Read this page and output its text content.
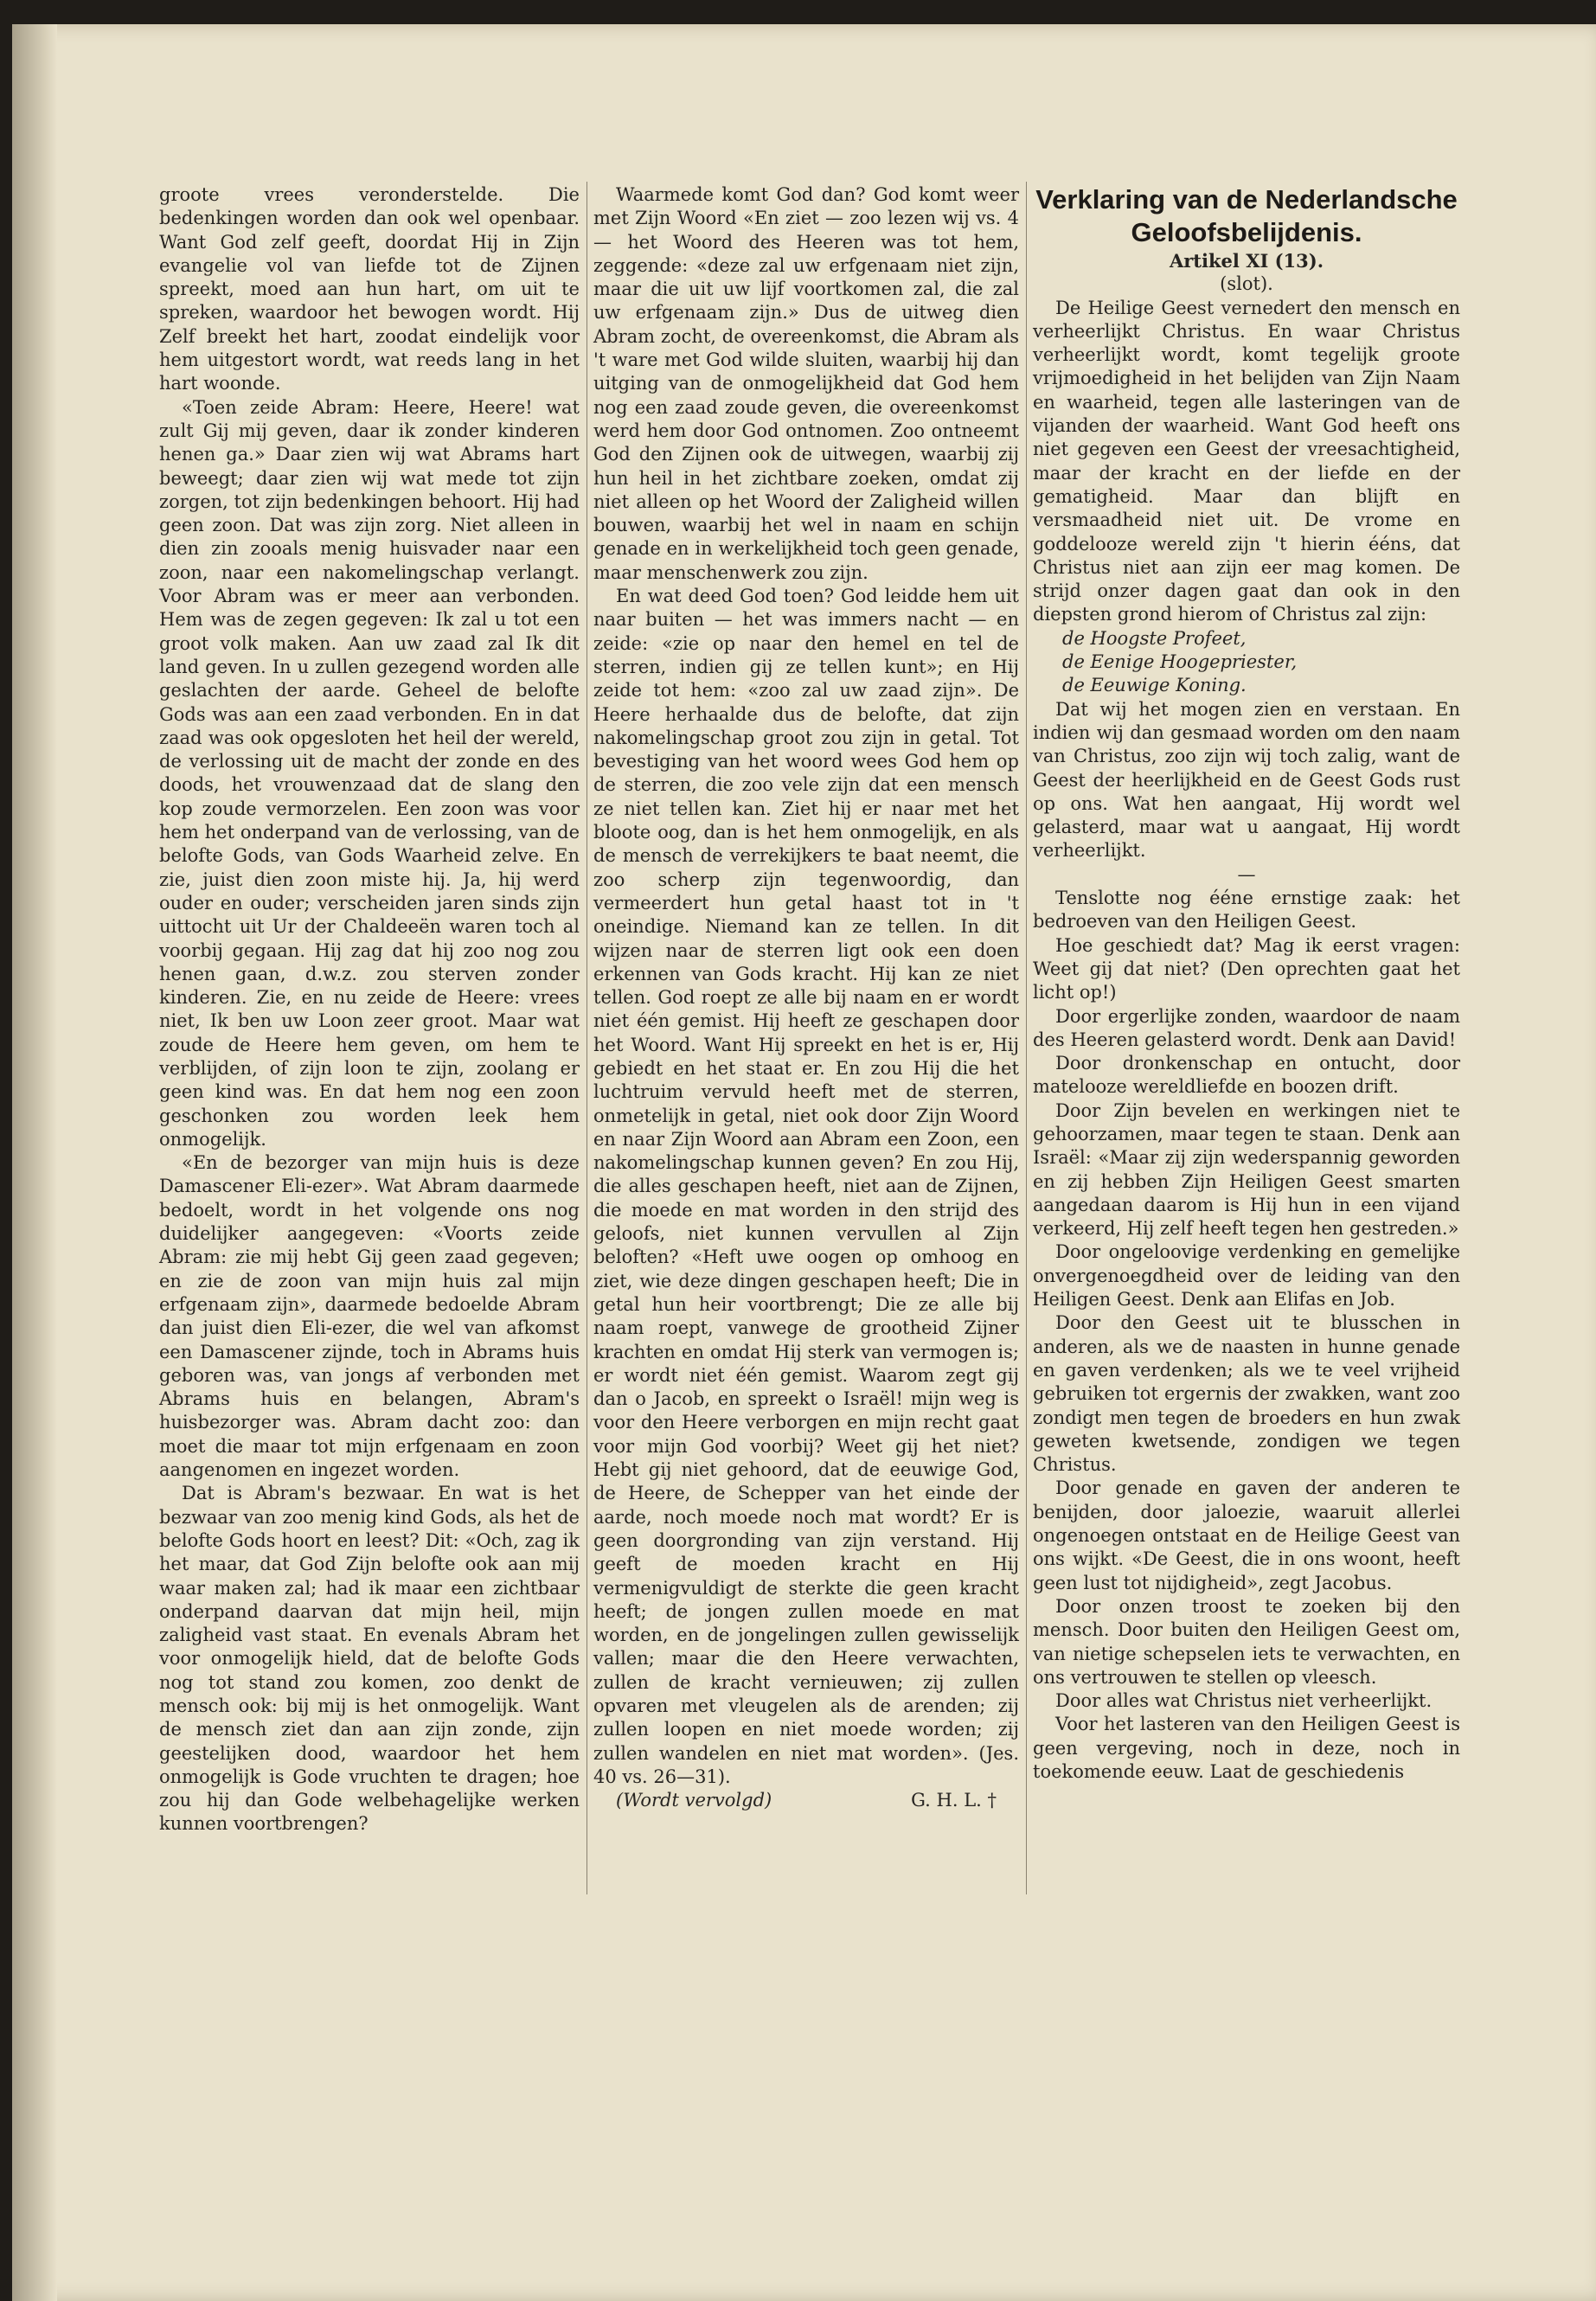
groote vrees veronderstelde. Die bedenkingen worden dan ook wel openbaar. Want God zelf geeft, doordat Hij in Zijn evangelie vol van liefde tot de Zijnen spreekt, moed aan hun hart, om uit te spreken, waardoor het bewogen wordt. Hij Zelf breekt het hart, zoodat eindelijk voor hem uitgestort wordt, wat reeds lang in het hart woonde.

«Toen zeide Abram: Heere, Heere! wat zult Gij mij geven, daar ik zonder kinderen henen ga.» Daar zien wij wat Abrams hart beweegt; daar zien wij wat mede tot zijn zorgen, tot zijn bedenkingen behoort. Hij had geen zoon. Dat was zijn zorg. Niet alleen in dien zin zooals menig huisvader naar een zoon, naar een nakomelingschap verlangt. Voor Abram was er meer aan verbonden. Hem was de zegen gegeven: Ik zal u tot een groot volk maken. Aan uw zaad zal Ik dit land geven. In u zullen gezegend worden alle geslachten der aarde. Geheel de belofte Gods was aan een zaad verbonden. En in dat zaad was ook opgesloten het heil der wereld, de verlossing uit de macht der zonde en des doods, het vrouwenzaad dat de slang den kop zoude vermorzelen. Een zoon was voor hem het onderpand van de verlossing, van de belofte Gods, van Gods Waarheid zelve. En zie, juist dien zoon miste hij. Ja, hij werd ouder en ouder; verscheiden jaren sinds zijn uittocht uit Ur der Chaldeeën waren toch al voorbij gegaan. Hij zag dat hij zoo nog zou henen gaan, d.w.z. zou sterven zonder kinderen. Zie, en nu zeide de Heere: vrees niet, Ik ben uw Loon zeer groot. Maar wat zoude de Heere hem geven, om hem te verblijden, of zijn loon te zijn, zoolang er geen kind was. En dat hem nog een zoon geschonken zou worden leek hem onmogelijk.

«En de bezorger van mijn huis is deze Damascener Eli-ezer». Wat Abram daarmede bedoelt, wordt in het volgende ons nog duidelijker aangegeven: «Voorts zeide Abram: zie mij hebt Gij geen zaad gegeven; en zie de zoon van mijn huis zal mijn erfgenaam zijn», daarmede bedoelde Abram dan juist dien Eli-ezer, die wel van afkomst een Damascener zijnde, toch in Abrams huis geboren was, van jongs af verbonden met Abrams huis en belangen, Abram's huisbezorger was. Abram dacht zoo: dan moet die maar tot mijn erfgenaam en zoon aangenomen en ingezet worden.

Dat is Abram's bezwaar. En wat is het bezwaar van zoo menig kind Gods, als het de belofte Gods hoort en leest? Dit: «Och, zag ik het maar, dat God Zijn belofte ook aan mij waar maken zal; had ik maar een zichtbaar onderpand daarvan dat mijn heil, mijn zaligheid vast staat. En evenals Abram het voor onmogelijk hield, dat de belofte Gods nog tot stand zou komen, zoo denkt de mensch ook: bij mij is het onmogelijk. Want de mensch ziet dan aan zijn zonde, zijn geestelijken dood, waardoor het hem onmogelijk is Gode vruchten te dragen; hoe zou hij dan Gode welbehagelijke werken kunnen voortbrengen?

Waarmede komt God dan? God komt weer met Zijn Woord «En ziet — zoo lezen wij vs. 4 — het Woord des Heeren was tot hem, zeggende: «deze zal uw erfgenaam niet zijn, maar die uit uw lijf voortkomen zal, die zal uw erfgenaam zijn.» Dus de uitweg dien Abram zocht, de overeenkomst, die Abram als 't ware met God wilde sluiten, waarbij hij dan uitging van de onmogelijkheid dat God hem nog een zaad zoude geven, die overeenkomst werd hem door God ontnomen. Zoo ontneemt God den Zijnen ook de uitwegen, waarbij zij hun heil in het zichtbare zoeken, omdat zij niet alleen op het Woord der Zaligheid willen bouwen, waarbij het wel in naam en schijn genade en in werkelijkheid toch geen genade, maar menschenwerk zou zijn.

En wat deed God toen? God leidde hem uit naar buiten — het was immers nacht — en zeide: «zie op naar den hemel en tel de sterren, indien gij ze tellen kunt»; en Hij zeide tot hem: «zoo zal uw zaad zijn». De Heere herhaalde dus de belofte, dat zijn nakomelingschap groot zou zijn in getal. Tot bevestiging van het woord wees God hem op de sterren, die zoo vele zijn dat een mensch ze niet tellen kan. Ziet hij er naar met het bloote oog, dan is het hem onmogelijk, en als de mensch de verrekijkers te baat neemt, die zoo scherp zijn tegenwoordig, dan vermeerdert hun getal haast tot in 't oneindige. Niemand kan ze tellen. In dit wijzen naar de sterren ligt ook een doen erkennen van Gods kracht. Hij kan ze niet tellen. God roept ze alle bij naam en er wordt niet één gemist. Hij heeft ze geschapen door het Woord. Want Hij spreekt en het is er, Hij gebiedt en het staat er. En zou Hij die het luchtruim vervuld heeft met de sterren, onmetelijk in getal, niet ook door Zijn Woord en naar Zijn Woord aan Abram een Zoon, een nakomelingschap kunnen geven? En zou Hij, die alles geschapen heeft, niet aan de Zijnen, die moede en mat worden in den strijd des geloofs, niet kunnen vervullen al Zijn beloften? «Heft uwe oogen op omhoog en ziet, wie deze dingen geschapen heeft; Die in getal hun heir voortbrengt; Die ze alle bij naam roept, vanwege de grootheid Zijner krachten en omdat Hij sterk van vermogen is; er wordt niet één gemist. Waarom zegt gij dan o Jacob, en spreekt o Israël! mijn weg is voor den Heere verborgen en mijn recht gaat voor mijn God voorbij? Weet gij het niet? Hebt gij niet gehoord, dat de eeuwige God, de Heere, de Schepper van het einde der aarde, noch moede noch mat wordt? Er is geen doorgronding van zijn verstand. Hij geeft de moeden kracht en Hij vermenigvuldigt de sterkte die geen kracht heeft; de jongen zullen moede en mat worden, en de jongelingen zullen gewisselijk vallen; maar die den Heere verwachten, zullen de kracht vernieuwen; zij zullen opvaren met vleugelen als de arenden; zij zullen loopen en niet moede worden; zij zullen wandelen en niet mat worden». (Jes. 40 vs. 26—31).

(Wordt vervolgd)	G. H. L. †

Verklaring van de Nederlandsche Geloofsbelijdenis.

Artikel XI (13).

(slot).

De Heilige Geest vernedert den mensch en verheerlijkt Christus. En waar Christus verheerlijkt wordt, komt tegelijk groote vrijmoedigheid in het belijden van Zijn Naam en waarheid, tegen alle lasteringen van de vijanden der waarheid. Want God heeft ons niet gegeven een Geest der vreesachtigheid, maar der kracht en der liefde en der gematigheid. Maar dan blijft en versmaadheid niet uit. De vrome en goddelooze wereld zijn 't hierin ééns, dat Christus niet aan zijn eer mag komen. De strijd onzer dagen gaat dan ook in den diepsten grond hierom of Christus zal zijn:

de Hoogste Profeet,

de Eenige Hoogepriester,

de Eeuwige Koning.

Dat wij het mogen zien en verstaan. En indien wij dan gesmaad worden om den naam van Christus, zoo zijn wij toch zalig, want de Geest der heerlijkheid en de Geest Gods rust op ons. Wat hen aangaat, Hij wordt wel gelasterd, maar wat u aangaat, Hij wordt verheerlijkt.

—

Tenslotte nog ééne ernstige zaak: het bedroeven van den Heiligen Geest.

Hoe geschiedt dat? Mag ik eerst vragen: Weet gij dat niet? (Den oprechten gaat het licht op!)

Door ergerlijke zonden, waardoor de naam des Heeren gelasterd wordt. Denk aan David!

Door dronkenschap en ontucht, door matelooze wereldliefde en boozen drift.

Door Zijn bevelen en werkingen niet te gehoorzamen, maar tegen te staan. Denk aan Israël: «Maar zij zijn wederspannig geworden en zij hebben Zijn Heiligen Geest smarten aangedaan daarom is Hij hun in een vijand verkeerd, Hij zelf heeft tegen hen gestreden.»

Door ongeloovige verdenking en gemelijke onvergenoegdheid over de leiding van den Heiligen Geest. Denk aan Elifas en Job.

Door den Geest uit te blusschen in anderen, als we de naasten in hunne genade en gaven verdenken; als we te veel vrijheid gebruiken tot ergernis der zwakken, want zoo zondigt men tegen de broeders en hun zwak geweten kwetsende, zondigen we tegen Christus.

Door genade en gaven der anderen te benijden, door jaloezie, waaruit allerlei ongenoegen ontstaat en de Heilige Geest van ons wijkt. «De Geest, die in ons woont, heeft geen lust tot nijdigheid», zegt Jacobus.

Door onzen troost te zoeken bij den mensch. Door buiten den Heiligen Geest om, van nietige schepselen iets te verwachten, en ons vertrouwen te stellen op vleesch.

Door alles wat Christus niet verheerlijkt.

Voor het lasteren van den Heiligen Geest is geen vergeving, noch in deze, noch in toekomende eeuw. Laat de geschiedenis
